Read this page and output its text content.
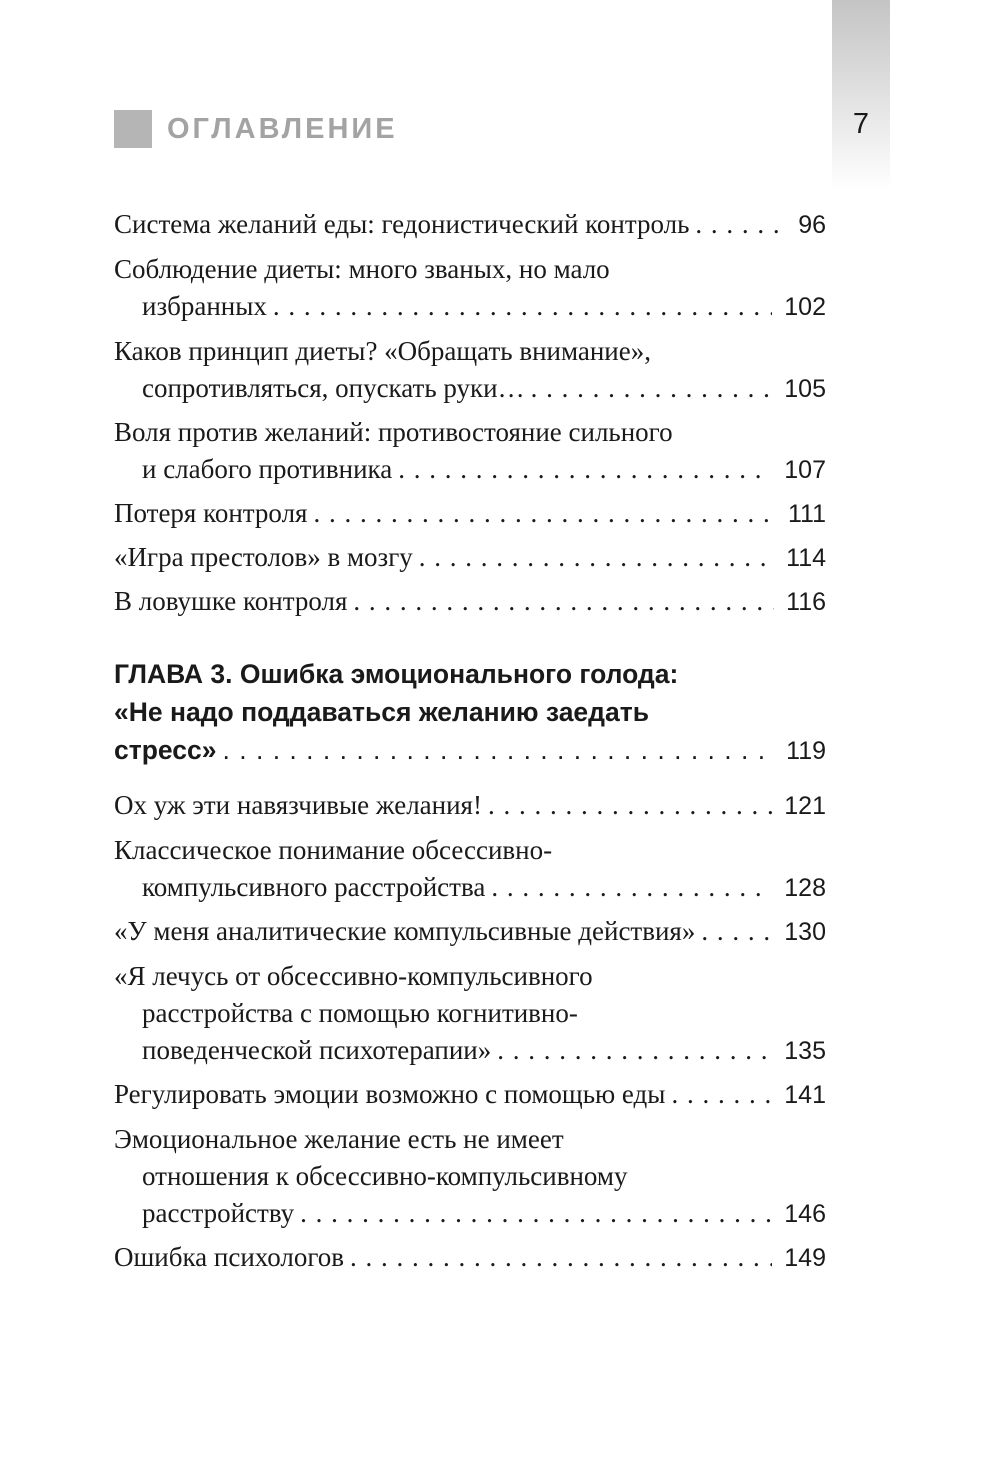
7
ОГЛАВЛЕНИЕ
Система желаний еды: гедонистический контроль . . .	96
Соблюдение диеты: много званых, но мало
избранных . . .	102
Каков принцип диеты? «Обращать внимание»,
сопротивляться, опускать руки… . . .	105
Воля против желаний: противостояние сильного
и слабого противника . . .	107
Потеря контроля . . .	111
«Игра престолов» в мозгу . . .	114
В ловушке контроля . . .	116
ГЛАВА 3. Ошибка эмоционального голода:
«Не надо поддаваться желанию заедать
стресс» . . .	119
Ох уж эти навязчивые желания! . . .	121
Классическое понимание обсессивно-
компульсивного расстройства . . .	128
«У меня аналитические компульсивные действия» . . .	130
«Я лечусь от обсессивно-компульсивного
расстройства с помощью когнитивно-
поведенческой психотерапии» . . .	135
Регулировать эмоции возможно с помощью еды . . .	141
Эмоциональное желание есть не имеет
отношения к обсессивно-компульсивному
расстройству . . .	146
Ошибка психологов . . .	149
